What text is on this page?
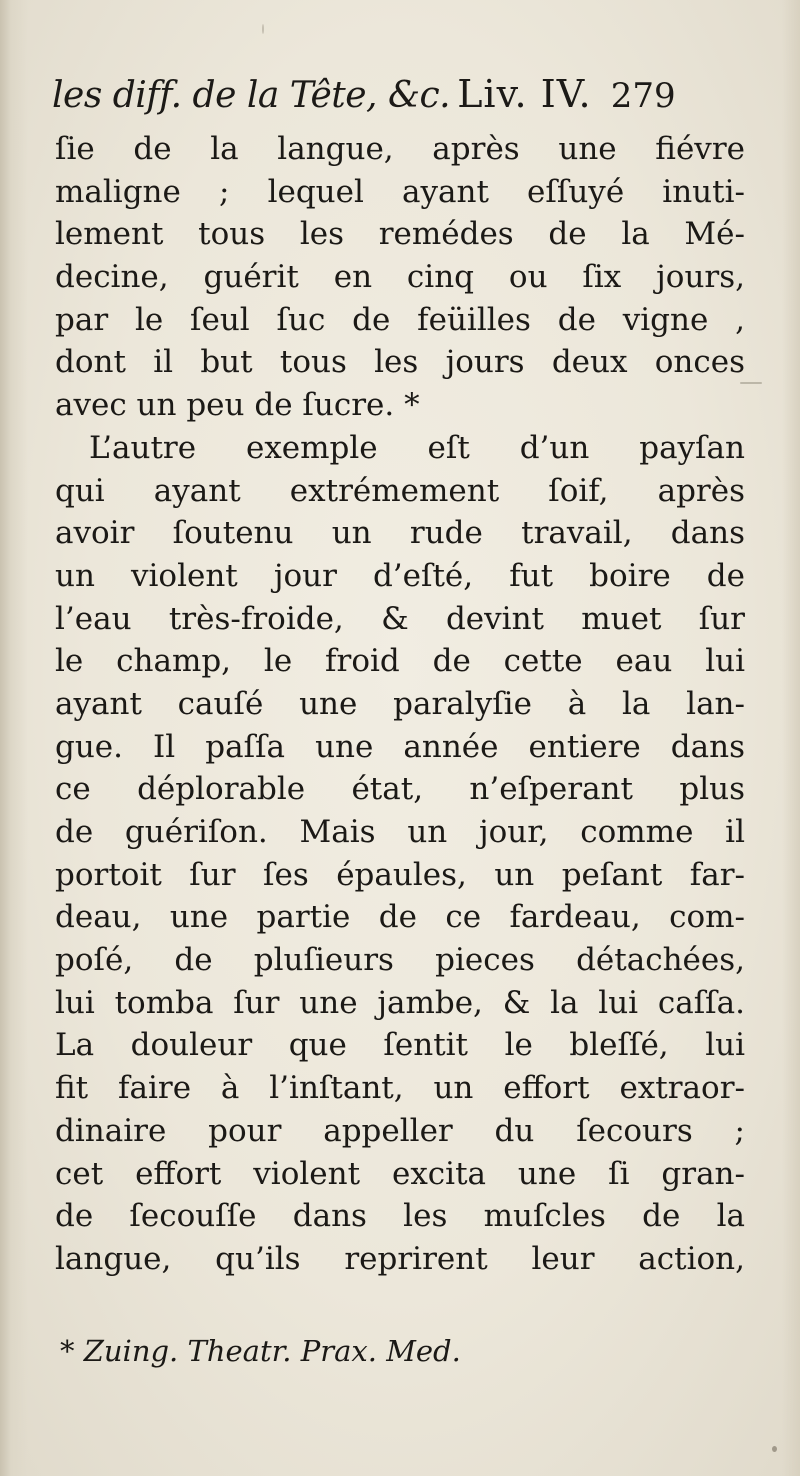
les diff. de la Tête, &c. Liv. IV. 279
ſie de la langue, après une fiévre
maligne ; lequel ayant eſſuyé inuti-
lement tous les remédes de la Mé-
decine, guérit en cinq ou ſix jours,
par le ſeul ſuc de feüilles de vigne ,
dont il but tous les jours deux onces
avec un peu de ſucre. *
L’autre exemple eſt d’un payſan
qui ayant extrémement ſoif, après
avoir ſoutenu un rude travail, dans
un violent jour d’eſté, fut boire de
l’eau très-froide, & devint muet ſur
le champ, le froid de cette eau lui
ayant cauſé une paralyſie à la lan-
gue. Il paſſa une année entiere dans
ce déplorable état, n’eſperant plus
de guériſon. Mais un jour, comme il
portoit ſur ſes épaules, un peſant far-
deau, une partie de ce fardeau, com-
poſé, de pluſieurs pieces détachées,
lui tomba ſur une jambe, & la lui caſſa.
La douleur que ſentit le bleſſé, lui
fit faire à l’inſtant, un effort extraor-
dinaire pour appeller du ſecours ;
cet effort violent excita une ſi gran-
de ſecouſſe dans les muſcles de la
langue, qu’ils reprirent leur action,
* Zuing. Theatr. Prax. Med.
